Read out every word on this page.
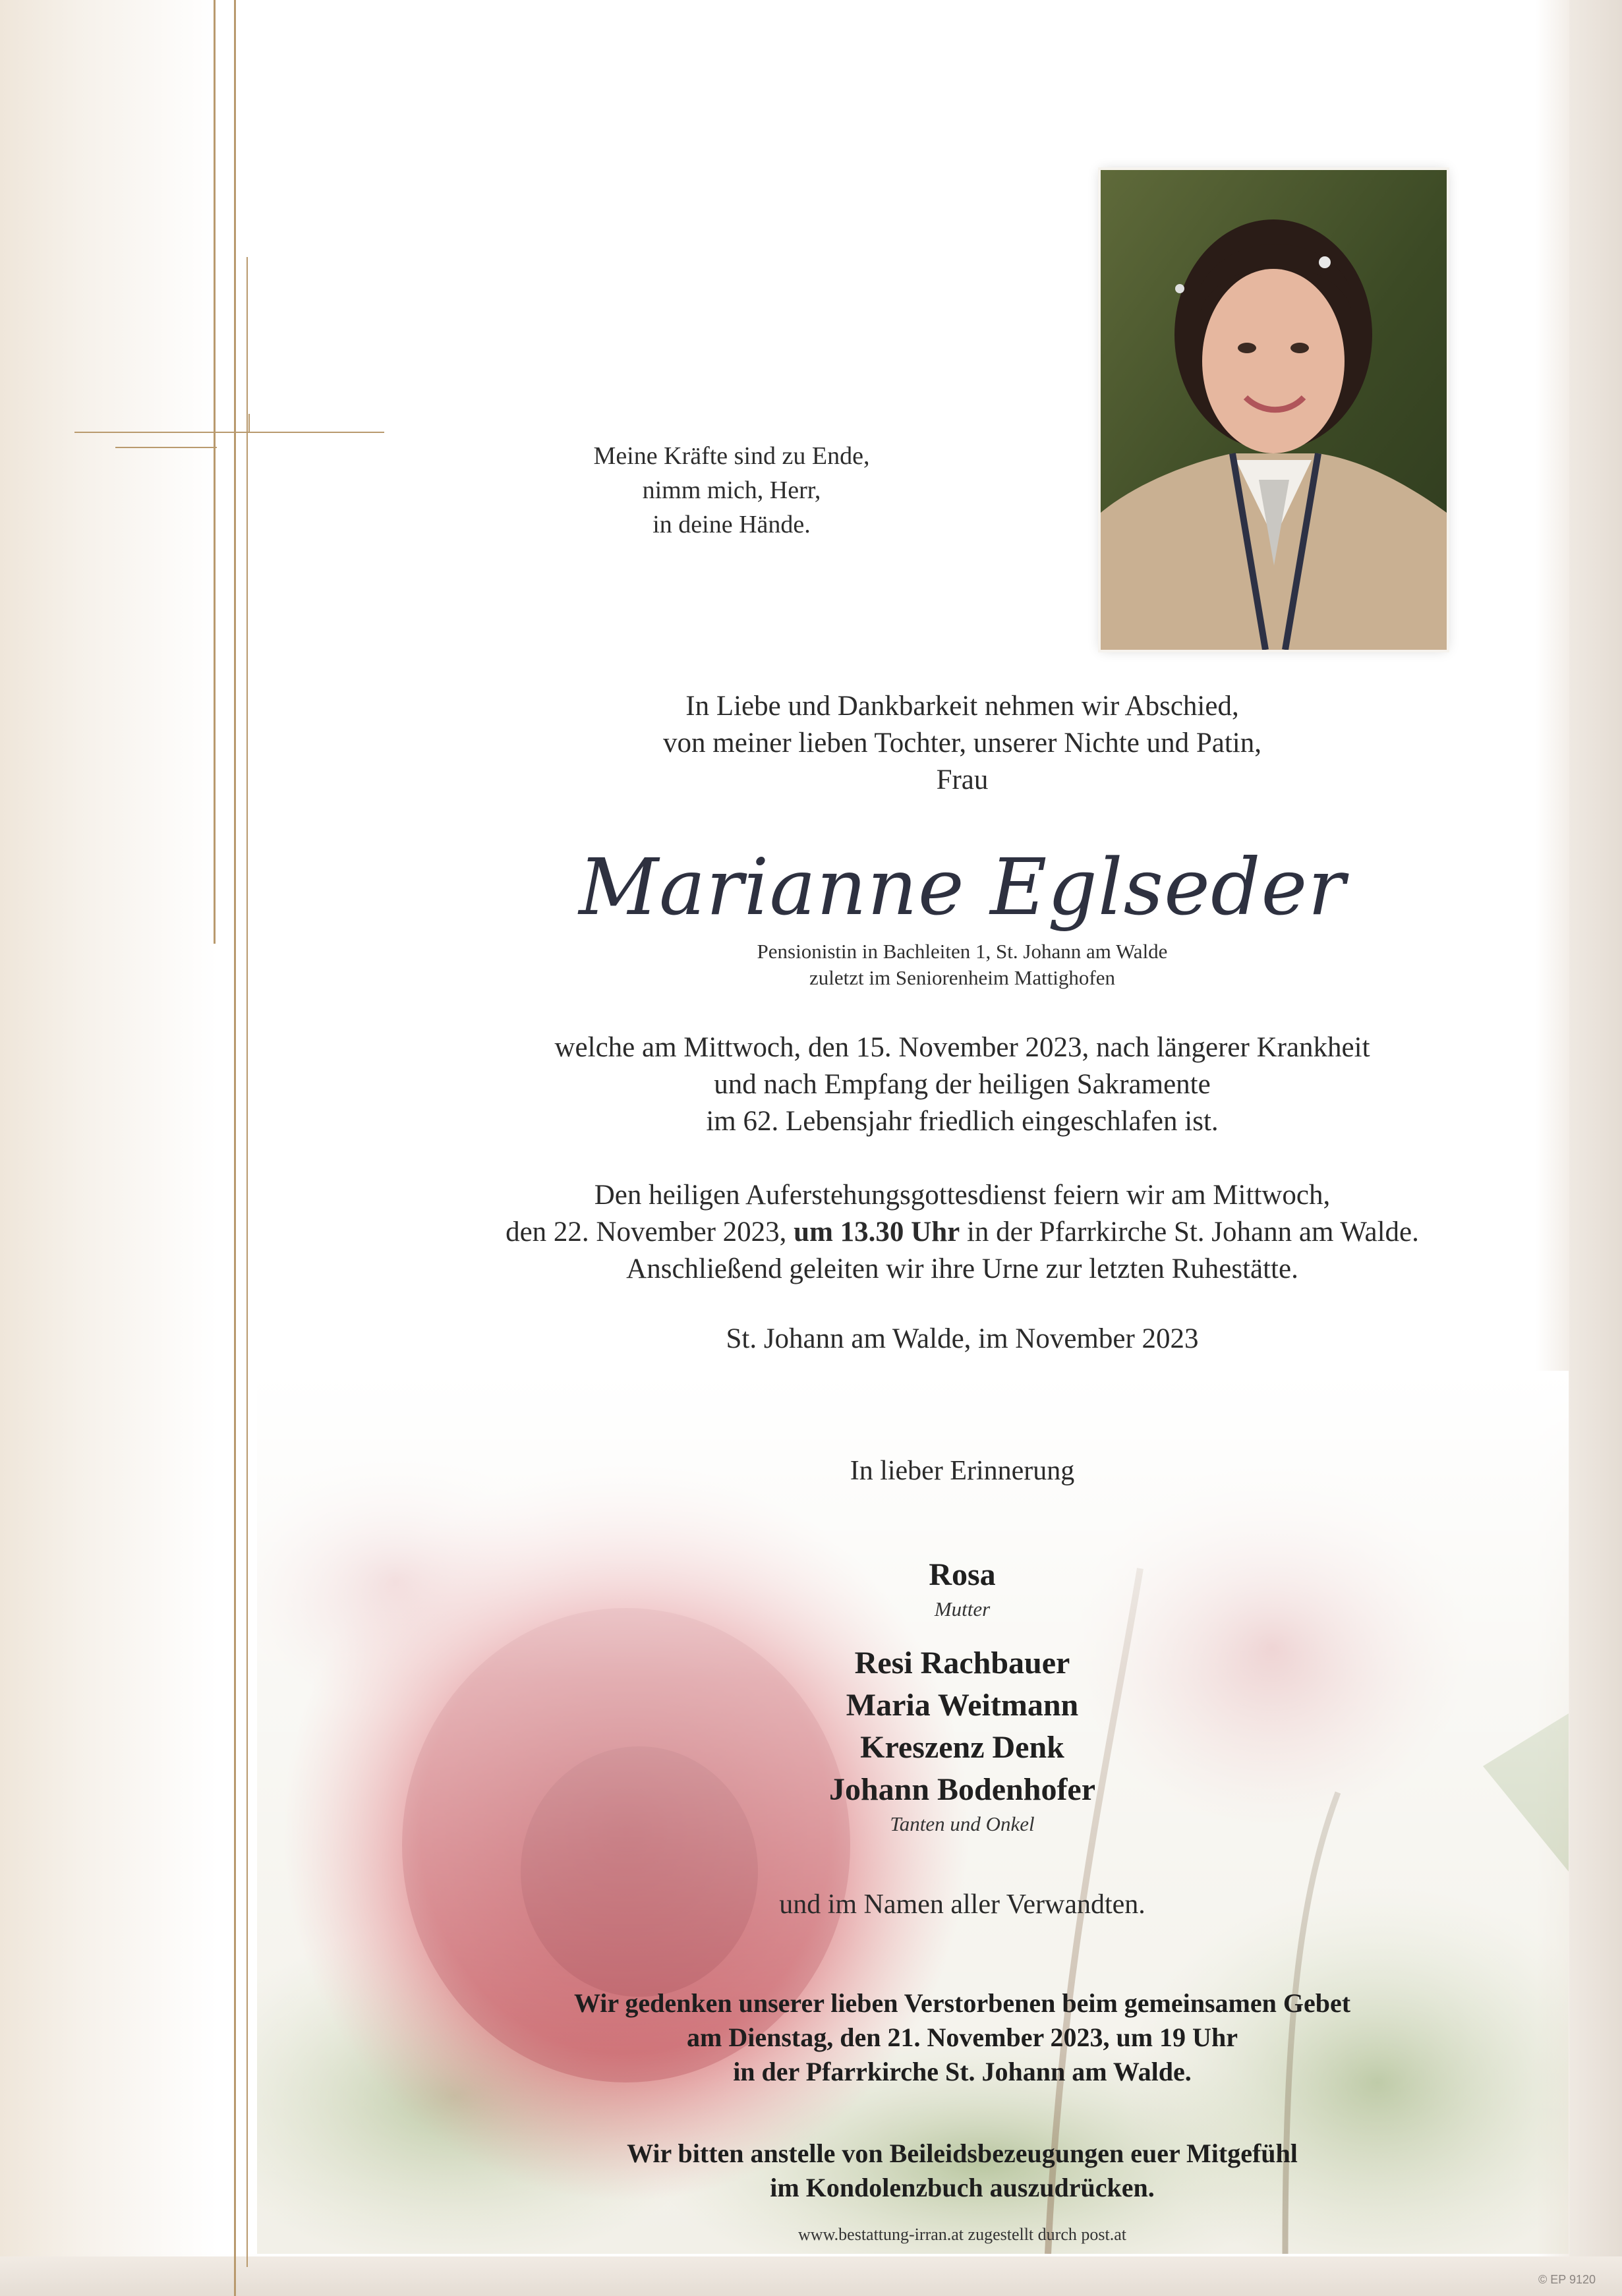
Meine Kräfte sind zu Ende,
nimm mich, Herr,
in deine Hände.
In Liebe und Dankbarkeit nehmen wir Abschied,
von meiner lieben Tochter, unserer Nichte und Patin,
Frau
Marianne Eglseder
Pensionistin in Bachleiten 1, St. Johann am Walde
zuletzt im Seniorenheim Mattighofen
welche am Mittwoch, den 15. November 2023, nach längerer Krankheit
und nach Empfang der heiligen Sakramente
im 62. Lebensjahr friedlich eingeschlafen ist.
Den heiligen Auferstehungsgottesdienst feiern wir am Mittwoch,
den 22. November 2023, um 13.30 Uhr in der Pfarrkirche St. Johann am Walde.
Anschließend geleiten wir ihre Urne zur letzten Ruhestätte.
St. Johann am Walde, im November 2023
In lieber Erinnerung
Rosa
Mutter
Resi Rachbauer
Maria Weitmann
Kreszenz Denk
Johann Bodenhofer
Tanten und Onkel
und im Namen aller Verwandten.
Wir gedenken unserer lieben Verstorbenen beim gemeinsamen Gebet
am Dienstag, den 21. November 2023, um 19 Uhr
in der Pfarrkirche St. Johann am Walde.
Wir bitten anstelle von Beileidsbezeugungen euer Mitgefühl
im Kondolenzbuch auszudrücken.
www.bestattung-irran.at zugestellt durch post.at
© EP 9120
